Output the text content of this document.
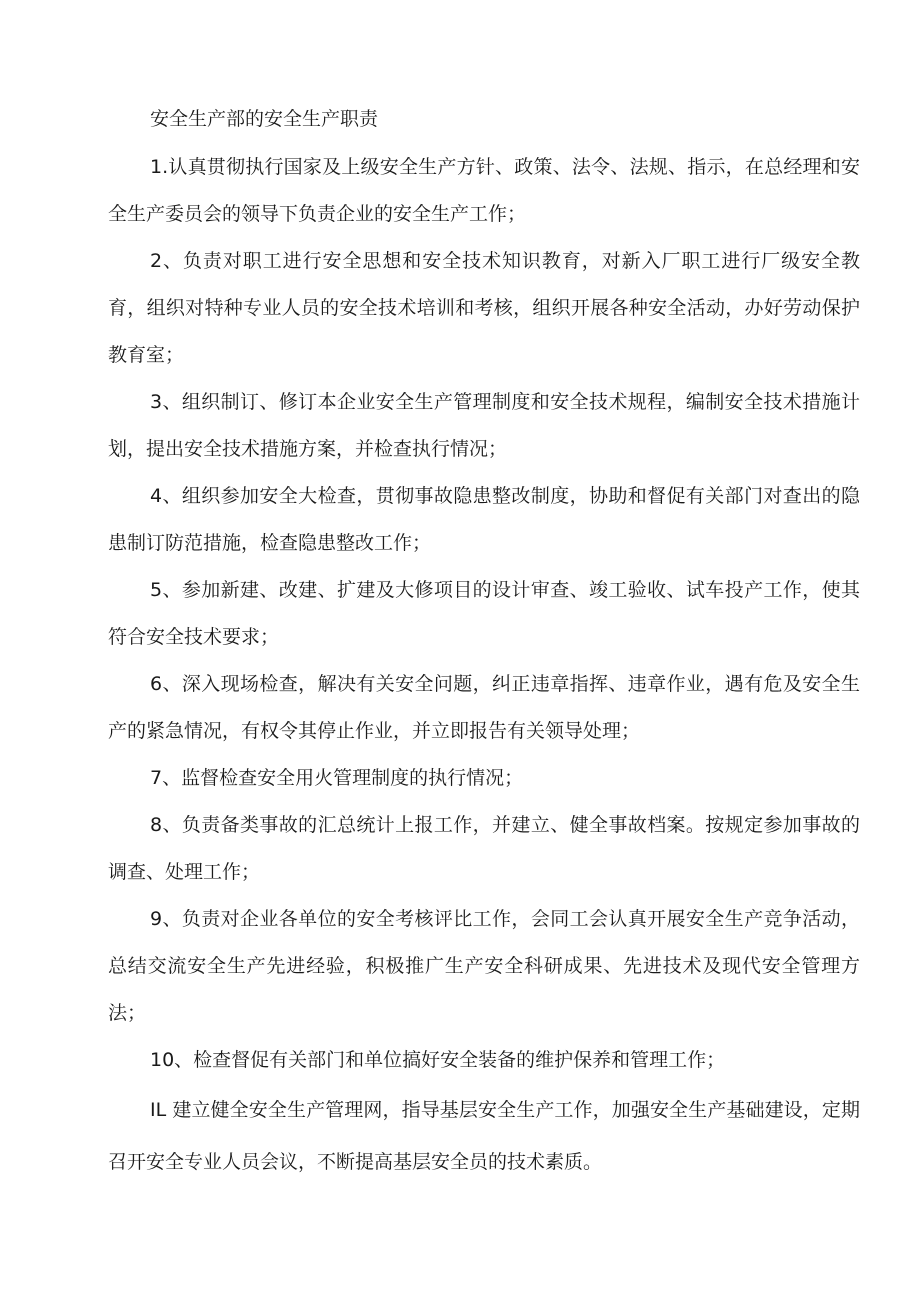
安全生产部的安全生产职责

1.认真贯彻执行国家及上级安全生产方针、政策、法令、法规、指示，在总经理和安全生产委员会的领导下负责企业的安全生产工作；

2、负责对职工进行安全思想和安全技术知识教育，对新入厂职工进行厂级安全教育，组织对特种专业人员的安全技术培训和考核，组织开展各种安全活动，办好劳动保护教育室；

3、组织制订、修订本企业安全生产管理制度和安全技术规程，编制安全技术措施计划，提出安全技术措施方案，并检查执行情况；

4、组织参加安全大检查，贯彻事故隐患整改制度，协助和督促有关部门对查出的隐患制订防范措施，检查隐患整改工作；

5、参加新建、改建、扩建及大修项目的设计审查、竣工验收、试车投产工作，使其符合安全技术要求；

6、深入现场检查，解决有关安全问题，纠正违章指挥、违章作业，遇有危及安全生产的紧急情况，有权令其停止作业，并立即报告有关领导处理；

7、监督检查安全用火管理制度的执行情况；

8、负责备类事故的汇总统计上报工作，并建立、健全事故档案。按规定参加事故的调查、处理工作；

9、负责对企业各单位的安全考核评比工作，会同工会认真开展安全生产竞争活动，总结交流安全生产先进经验，积极推广生产安全科研成果、先进技术及现代安全管理方法；

10、检查督促有关部门和单位搞好安全装备的维护保养和管理工作；

IL 建立健全安全生产管理网，指导基层安全生产工作，加强安全生产基础建设，定期召开安全专业人员会议，不断提高基层安全员的技术素质。
